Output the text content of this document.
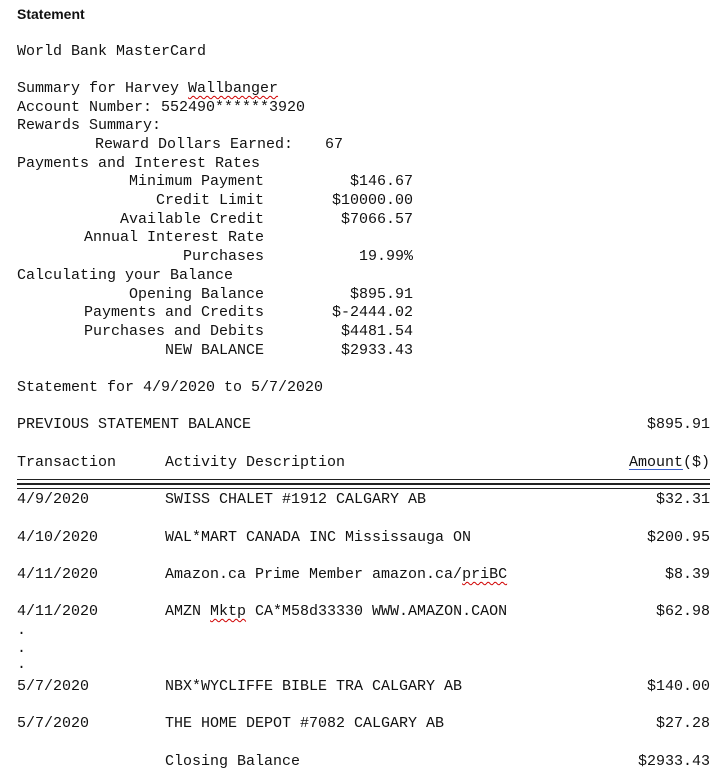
Statement
World Bank MasterCard
Summary for Harvey Wallbanger
Account Number: 552490******3920
Rewards Summary:
Reward Dollars Earned: 67
Payments and Interest Rates
Minimum Payment	$146.67
Credit Limit	$10000.00
Available Credit	$7066.57
Annual Interest Rate
Purchases	19.99%
Calculating your Balance
Opening Balance	$895.91
Payments and Credits	$-2444.02
Purchases and Debits	$4481.54
NEW BALANCE	$2933.43
Statement for 4/9/2020 to 5/7/2020
PREVIOUS STATEMENT BALANCE	$895.91
Transaction	Activity Description	Amount($)
4/9/2020	SWISS CHALET #1912 CALGARY AB	$32.31
4/10/2020	WAL*MART CANADA INC Mississauga ON	$200.95
4/11/2020	Amazon.ca Prime Member amazon.ca/priBC	$8.39
4/11/2020	AMZN Mktp CA*M58d33330 WWW.AMAZON.CAON	$62.98
.
.
.
5/7/2020	NBX*WYCLIFFE BIBLE TRA CALGARY AB	$140.00
5/7/2020	THE HOME DEPOT #7082 CALGARY AB	$27.28
Closing Balance	$2933.43
